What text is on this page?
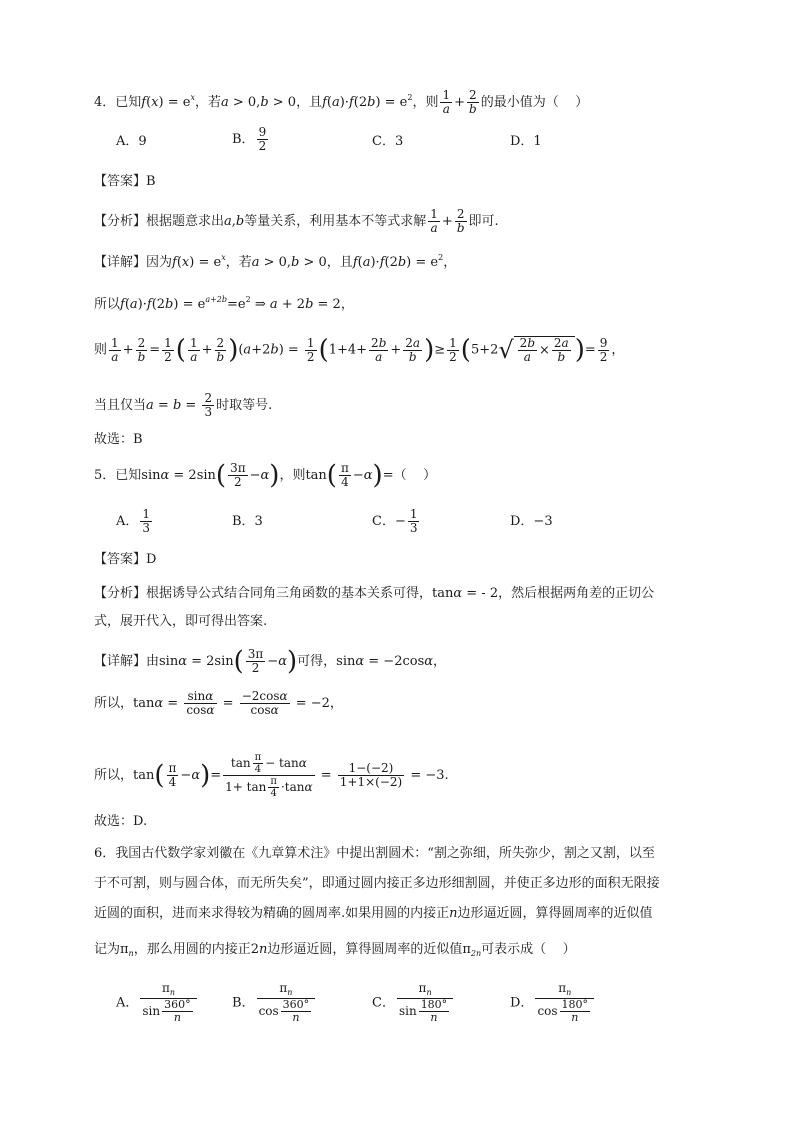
4．已知$f(x) = e^x$，若a > 0,b > 0，且$f(a)\cdot f(2b) = e^2$，则 $\frac{1}{a} + \frac{2}{b}$ 的最小值为（    ）
A．9	B． $\frac{9}{2}$	C．3	D．1
【答案】B
【分析】根据题意求出a,b等量关系，利用基本不等式求解 $\frac{1}{a} + \frac{2}{b}$ 即可.
【详解】因为$f(x) = e^x$，若a > 0,b > 0，且$f(a)\cdot f(2b) = e^2$，
所以$f(a)\cdot f(2b) = e^{a+2b}=e^2$ ⇒ a + 2b = 2，
则 $\frac{1}{a} + \frac{2}{b} = \frac{1}{2}$ ( $\frac{1}{a} + \frac{2}{b} )(a+2b) = \frac{1}{2} (1+4+ \frac{2b}{a} + \frac{2a}{b}$ )≥ $\frac{1}{2} (5+2√ \frac{2b}{a} \times \frac{2a}{b}$ )= $\frac{9}{2}$ ，
当且仅当$a = b = \frac{2}{3}$ 时取等号.
故选：B
5．已知$\sin\alpha = 2\sin( \frac{3\pi}{2} -\alpha)$，则$\tan( \frac{\pi}{4} -\alpha)=$（    ）
A． $\frac{1}{3}$	B．3	C．− $\frac{1}{3}$	D．−3
【答案】D
【分析】根据诱导公式结合同角三角函数的基本关系可得，tanα = - 2，然后根据两角差的正切公
式，展开代入，即可得出答案.
【详解】由$\sin\alpha = 2\sin( \frac{3\pi}{2} -\alpha)$可得，sinα = −2cosα，
所以，$\tan\alpha = \frac{\sin\alpha}{\cos\alpha} = \frac{-2\cos\alpha}{\cos\alpha} = -2$，
所以，$\tan( \frac{\pi}{4} -\alpha)= \frac{\tan \frac{\pi}{4} - \tan\alpha}{1+ \tan \frac{\pi}{4} \cdot\tan\alpha} = \frac{1-(-2)}{1+1\times(-2)} = -3$.
故选：D.
6．我国古代数学家刘徽在《九章算术注》中提出割圆术：“割之弥细，所失弥少，割之又割，以至
于不可割，则与圆合体，而无所失矣”，即通过圆内接正多边形细割圆，并使正多边形的面积无限接
近圆的面积，进而来求得较为精确的圆周率.如果用圆的内接正n边形逼近圆，算得圆周率的近似值
记为$\pi_n$，那么用圆的内接正2n边形逼近圆，算得圆周率的近似值$\pi_{2n}$可表示成（    ）
A． $\frac{\pi_n}{\sin \frac{360^\circ}{n}}$	B． $\frac{\pi_n}{\cos \frac{360^\circ}{n}}$	C． $\frac{\pi_n}{\sin \frac{180^\circ}{n}}$	D． $\frac{\pi_n}{\cos \frac{180^\circ}{n}}$
